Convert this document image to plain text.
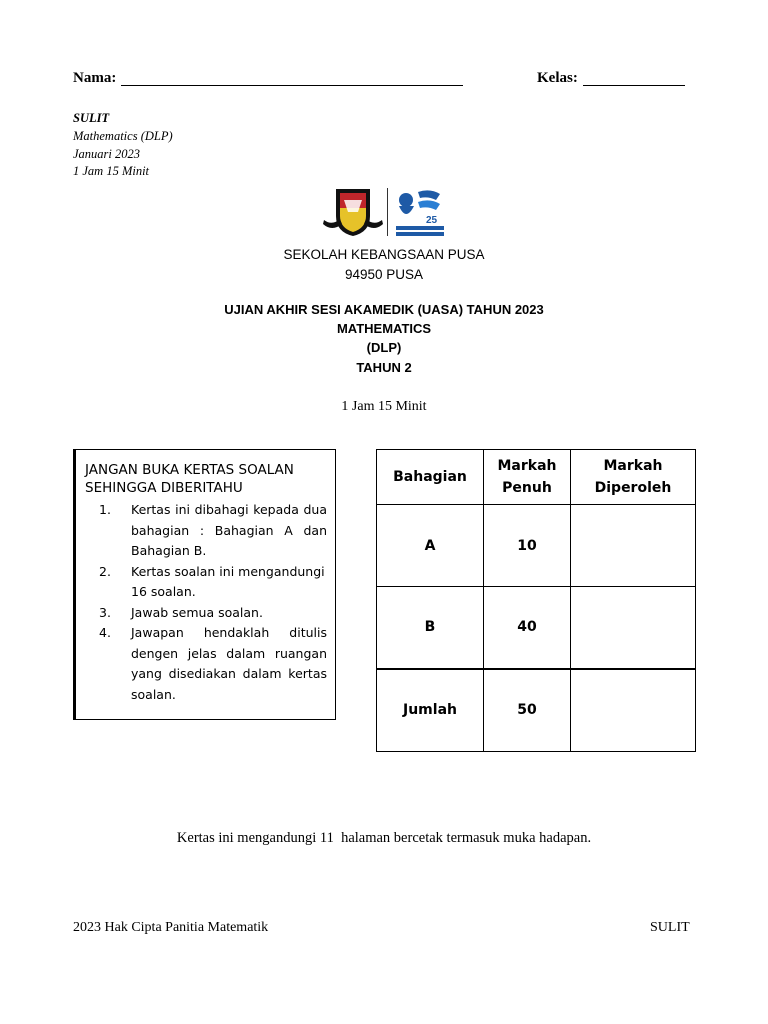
Nama:	Kelas:
SULIT
Mathematics (DLP)
Januari 2023
1 Jam 15 Minit
25
SEKOLAH KEBANGSAAN PUSA
94950 PUSA
UJIAN AKHIR SESI AKAMEDIK (UASA) TAHUN 2023
MATHEMATICS
(DLP)
TAHUN 2
1 Jam 15 Minit
JANGAN BUKA KERTAS SOALAN SEHINGGA DIBERITAHU
1.	Kertas ini dibahagi kepada dua bahagian : Bahagian A dan Bahagian B.
2.	Kertas soalan ini mengandungi 16 soalan.
3.	Jawab semua soalan.
4.	Jawapan hendaklah ditulis dengen jelas dalam ruangan yang disediakan dalam kertas soalan.
Bahagian	Markah Penuh	Markah Diperoleh
A	10	
B	40	
Jumlah	50	
Kertas ini mengandungi 11  halaman bercetak termasuk muka hadapan.
2023 Hak Cipta Panitia Matematik	SULIT
